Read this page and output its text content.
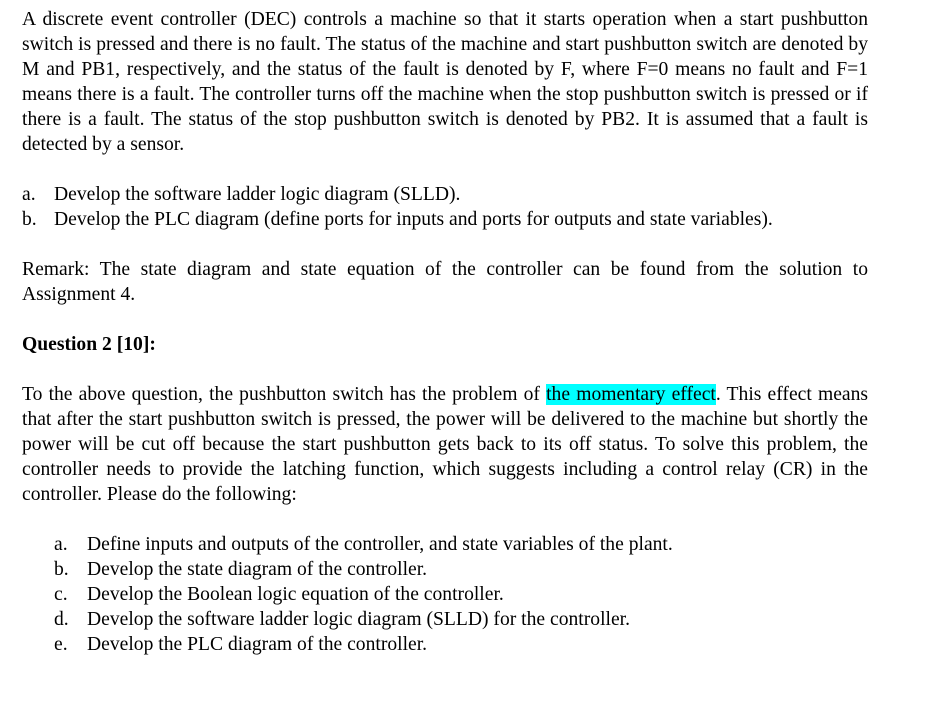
A discrete event controller (DEC) controls a machine so that it starts operation when a start pushbutton switch is pressed and there is no fault. The status of the machine and start pushbutton switch are denoted by M and PB1, respectively, and the status of the fault is denoted by F, where F=0 means no fault and F=1 means there is a fault. The controller turns off the machine when the stop pushbutton switch is pressed or if there is a fault. The status of the stop pushbutton switch is denoted by PB2. It is assumed that a fault is detected by a sensor.

a. Develop the software ladder logic diagram (SLLD).
b. Develop the PLC diagram (define ports for inputs and ports for outputs and state variables).

Remark: The state diagram and state equation of the controller can be found from the solution to Assignment 4.

Question 2 [10]:

To the above question, the pushbutton switch has the problem of the momentary effect. This effect means that after the start pushbutton switch is pressed, the power will be delivered to the machine but shortly the power will be cut off because the start pushbutton gets back to its off status. To solve this problem, the controller needs to provide the latching function, which suggests including a control relay (CR) in the controller. Please do the following:

a. Define inputs and outputs of the controller, and state variables of the plant.
b. Develop the state diagram of the controller.
c. Develop the Boolean logic equation of the controller.
d. Develop the software ladder logic diagram (SLLD) for the controller.
e. Develop the PLC diagram of the controller.
